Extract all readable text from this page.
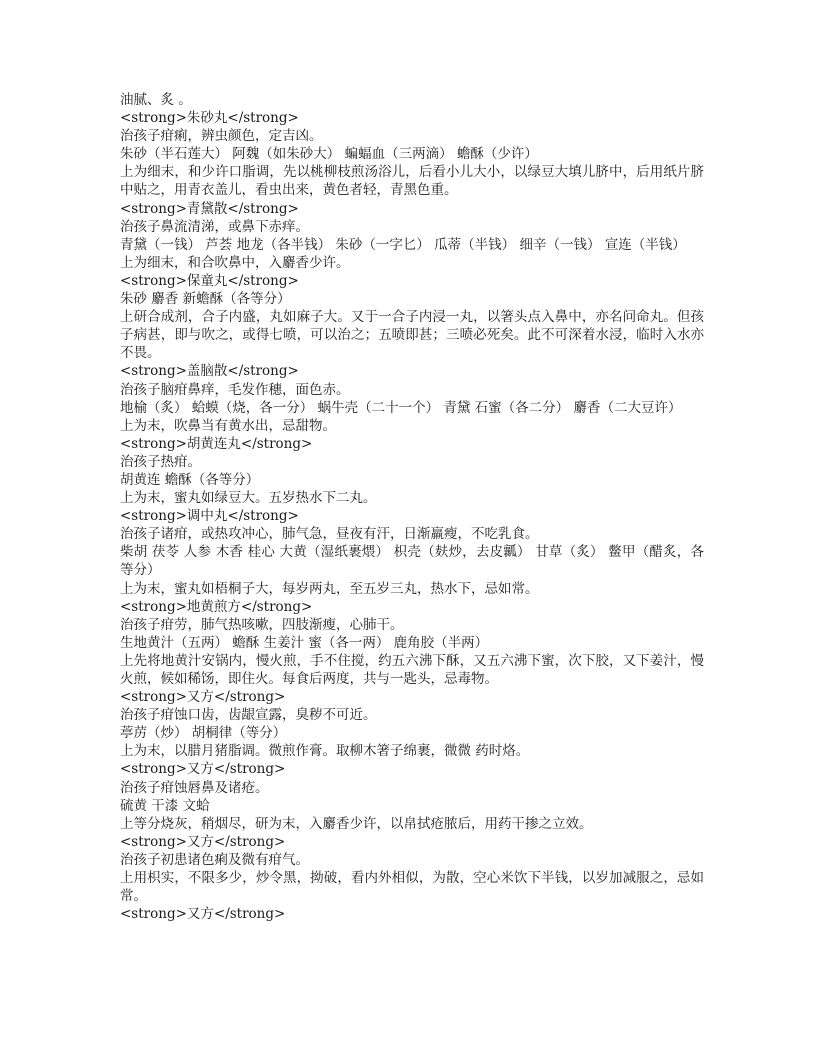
油腻、炙 。

<strong>朱砂丸</strong>

治孩子疳痢，辨虫颜色，定吉凶。

朱砂（半石莲大） 阿魏（如朱砂大） 蝙蝠血（三两滴） 蟾酥（少许）

上为细末，和少许口脂调，先以桃柳枝煎汤浴儿，后看小儿大小，以绿豆大填儿脐中，后用纸片脐中贴之，用青衣盖儿，看虫出来，黄色者轻，青黑色重。

<strong>青黛散</strong>

治孩子鼻流清涕，或鼻下赤痒。

青黛（一钱） 芦荟 地龙（各半钱） 朱砂（一字匕） 瓜蒂（半钱） 细辛（一钱） 宣连（半钱）

上为细末，和合吹鼻中，入麝香少许。

<strong>保童丸</strong>

朱砂 麝香 新蟾酥（各等分）

上研合成剂，合子内盛，丸如麻子大。又于一合子内浸一丸，以箸头点入鼻中，亦名问命丸。但孩子病甚，即与吹之，或得七喷，可以治之；五喷即甚；三喷必死矣。此不可深着水浸，临时入水亦不畏。

<strong>盖脑散</strong>

治孩子脑疳鼻痒，毛发作穗，面色赤。

地榆（炙） 蛤蟆（烧，各一分） 蜗牛壳（二十一个） 青黛 石蜜（各二分） 麝香（二大豆许）

上为末，吹鼻当有黄水出，忌甜物。

<strong>胡黄连丸</strong>

治孩子热疳。

胡黄连 蟾酥（各等分）

上为末，蜜丸如绿豆大。五岁热水下二丸。

<strong>调中丸</strong>

治孩子诸疳，或热攻冲心，肺气急，昼夜有汗，日渐羸瘦，不吃乳食。

柴胡 茯苓 人参 木香 桂心 大黄（湿纸裹煨） 枳壳（麸炒，去皮瓤） 甘草（炙） 鳖甲（醋炙，各等分）

上为末，蜜丸如梧桐子大，每岁两丸，至五岁三丸，热水下，忌如常。

<strong>地黄煎方</strong>

治孩子疳劳，肺气热咳嗽，四肢渐瘦，心肺干。

生地黄汁（五两） 蟾酥 生姜汁 蜜（各一两） 鹿角胶（半两）

上先将地黄汁安锅内，慢火煎，手不住搅，约五六沸下酥，又五六沸下蜜，次下胶，又下姜汁，慢火煎，候如稀饧，即住火。每食后两度，共与一匙头，忌毒物。

<strong>又方</strong>

治孩子疳蚀口齿，齿龈宣露，臭秽不可近。

葶苈（炒） 胡桐律（等分）

上为末，以腊月猪脂调。微煎作膏。取柳木箸子绵裹，微微 药时烙。

<strong>又方</strong>

治孩子疳蚀唇鼻及诸疮。

硫黄 干漆 文蛤

上等分烧灰，稍烟尽，研为末，入麝香少许，以帛拭疮脓后，用药干掺之立效。

<strong>又方</strong>

治孩子初患诸色痢及微有疳气。

上用枳实，不限多少，炒令黑，拗破，看内外相似，为散，空心米饮下半钱，以岁加减服之，忌如常。

<strong>又方</strong>
